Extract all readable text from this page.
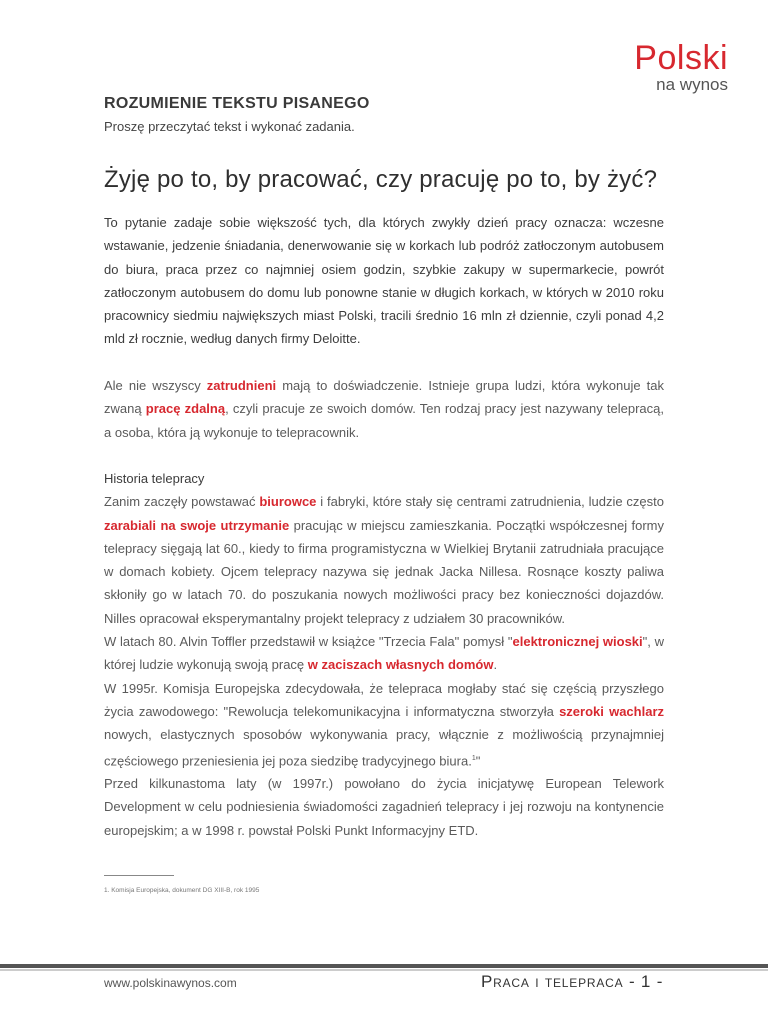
Polski
na wynos
ROZUMIENIE TEKSTU PISANEGO
Proszę przeczytać tekst i wykonać zadania.
Żyję po to, by pracować, czy pracuję po to, by żyć?

To pytanie zadaje sobie większość tych, dla których zwykły dzień pracy oznacza: wczesne wstawanie, jedzenie śniadania, denerwowanie się w korkach lub podróż zatłoczonym autobusem do biura, praca przez co najmniej osiem godzin, szybkie zakupy w supermarkecie, powrót zatłoczonym autobusem do domu lub ponowne stanie w długich korkach, w których w 2010 roku pracownicy siedmiu największych miast Polski, tracili średnio 16 mln zł dziennie, czyli ponad 4,2 mld zł rocznie, według danych firmy Deloitte.

Ale nie wszyscy zatrudnieni mają to doświadczenie. Istnieje grupa ludzi, która wykonuje tak zwaną pracę zdalną, czyli pracuje ze swoich domów. Ten rodzaj pracy jest nazywany telepracą, a osoba, która ją wykonuje to telepracownik.

Historia telepracy

Zanim zaczęły powstawać biurowce i fabryki, które stały się centrami zatrudnienia, ludzie często zarabiali na swoje utrzymanie pracując w miejscu zamieszkania. Początki współczesnej formy telepracy sięgają lat 60., kiedy to firma programistyczna w Wielkiej Brytanii zatrudniała pracujące w domach kobiety. Ojcem telepracy nazywa się jednak Jacka Nillesa. Rosnące koszty paliwa skłoniły go w latach 70. do poszukania nowych możliwości pracy bez konieczności dojazdów. Nilles opracował eksperymantalny projekt telepracy z udziałem 30 pracowników.

W latach 80. Alvin Toffler przedstawił w książce "Trzecia Fala" pomysł "elektronicznej wioski", w której ludzie wykonują swoją pracę w zaciszach własnych domów.

W 1995r. Komisja Europejska zdecydowała, że telepraca mogłaby stać się częścią przyszłego życia zawodowego: "Rewolucja telekomunikacyjna i informatyczna stworzyła szeroki wachlarz nowych, elastycznych sposobów wykonywania pracy, włącznie z możliwością przynajmniej częściowego przeniesienia jej poza siedzibę tradycyjnego biura.$^1$"

Przed kilkunastoma laty (w 1997r.) powołano do życia inicjatywę European Telework Development w celu podniesienia świadomości zagadnień telepracy i jej rozwoju na kontynencie europejskim; a w 1998 r. powstał Polski Punkt Informacyjny ETD.

1. Komisja Europejska, dokument DG XIII-B, rok 1995
www.polskinawynos.com	Praca i telepraca - 1 -
